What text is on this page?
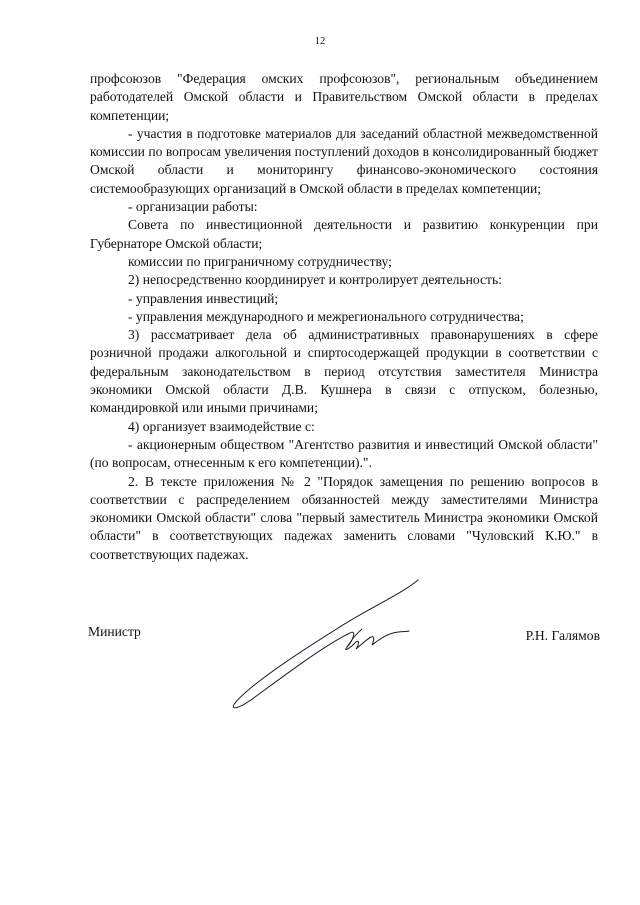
12

профсоюзов "Федерация омских профсоюзов", региональным объединением работодателей Омской области и Правительством Омской области в пределах компетенции;

- участия в подготовке материалов для заседаний областной межведомственной комиссии по вопросам увеличения поступлений доходов в консолидированный бюджет Омской области и мониторингу финансово-экономического состояния системообразующих организаций в Омской области в пределах компетенции;

- организации работы:

Совета по инвестиционной деятельности и развитию конкуренции при Губернаторе Омской области;

комиссии по приграничному сотрудничеству;

2) непосредственно координирует и контролирует деятельность:

- управления инвестиций;

- управления международного и межрегионального сотрудничества;

3) рассматривает дела об административных правонарушениях в сфере розничной продажи алкогольной и спиртосодержащей продукции в соответствии с федеральным законодательством в период отсутствия заместителя Министра экономики Омской области Д.В. Кушнера в связи с отпуском, болезнью, командировкой или иными причинами;

4) организует взаимодействие с:

- акционерным обществом "Агентство развития и инвестиций Омской области" (по вопросам, отнесенным к его компетенции).".

2. В тексте приложения № 2 "Порядок замещения по решению вопросов в соответствии с распределением обязанностей между заместителями Министра экономики Омской области" слова "первый заместитель Министра экономики Омской области" в соответствующих падежах заменить словами "Чуловский К.Ю." в соответствующих падежах.

Министр	Р.Н. Галямов
